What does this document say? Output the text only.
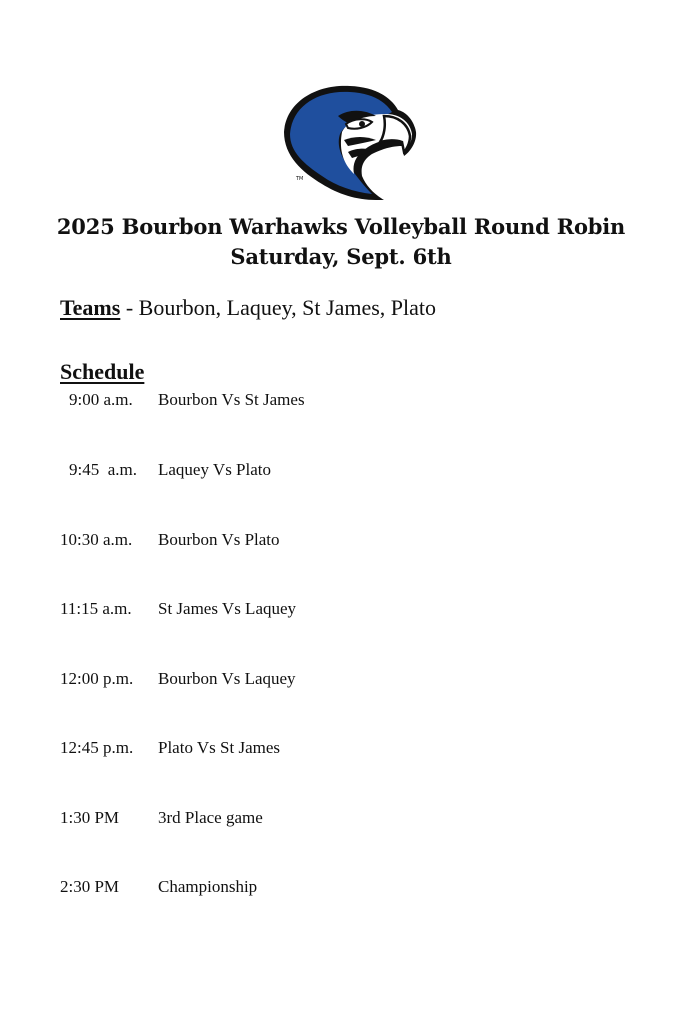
TM
2025 Bourbon Warhawks Volleyball Round Robin
Saturday, Sept. 6th
Teams - Bourbon, Laquey, St James, Plato
Schedule
9:00 a.m.	Bourbon Vs St James
9:45  a.m.	Laquey Vs Plato
10:30 a.m.	Bourbon Vs Plato
11:15 a.m.	St James Vs Laquey
12:00 p.m.	Bourbon Vs Laquey
12:45 p.m.	Plato Vs St James
1:30 PM	3rd Place game
2:30 PM	Championship
